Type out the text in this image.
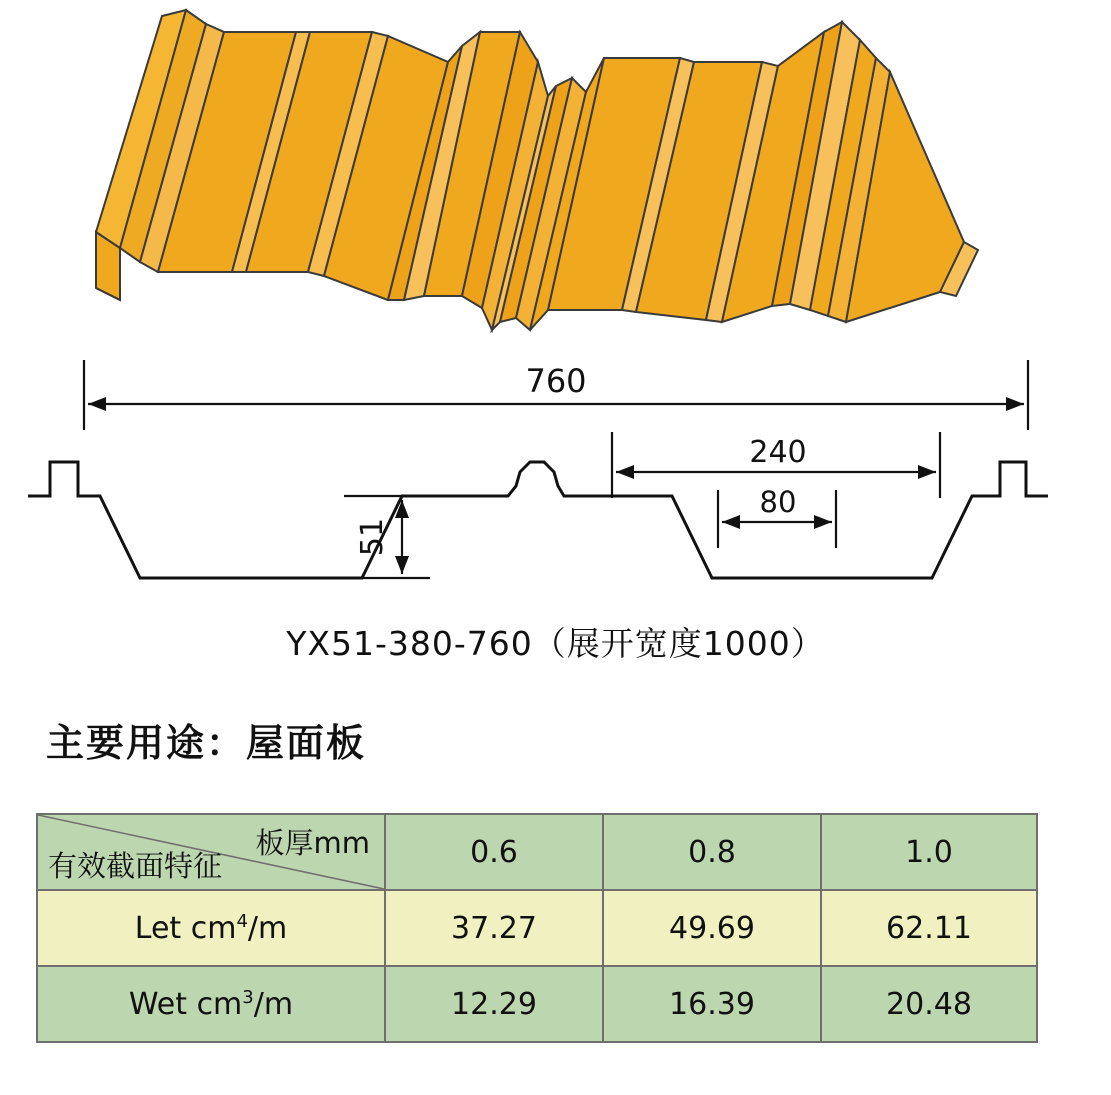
760
240
80
51
YX51-380-760（展开宽度1000）
主要用途：屋面板
板厚mm
有效截面特征	0.6	0.8	1.0
Let $cm^4/m$	37.27	49.69	62.11
Wet $cm^3/m$	12.29	16.39	20.48
